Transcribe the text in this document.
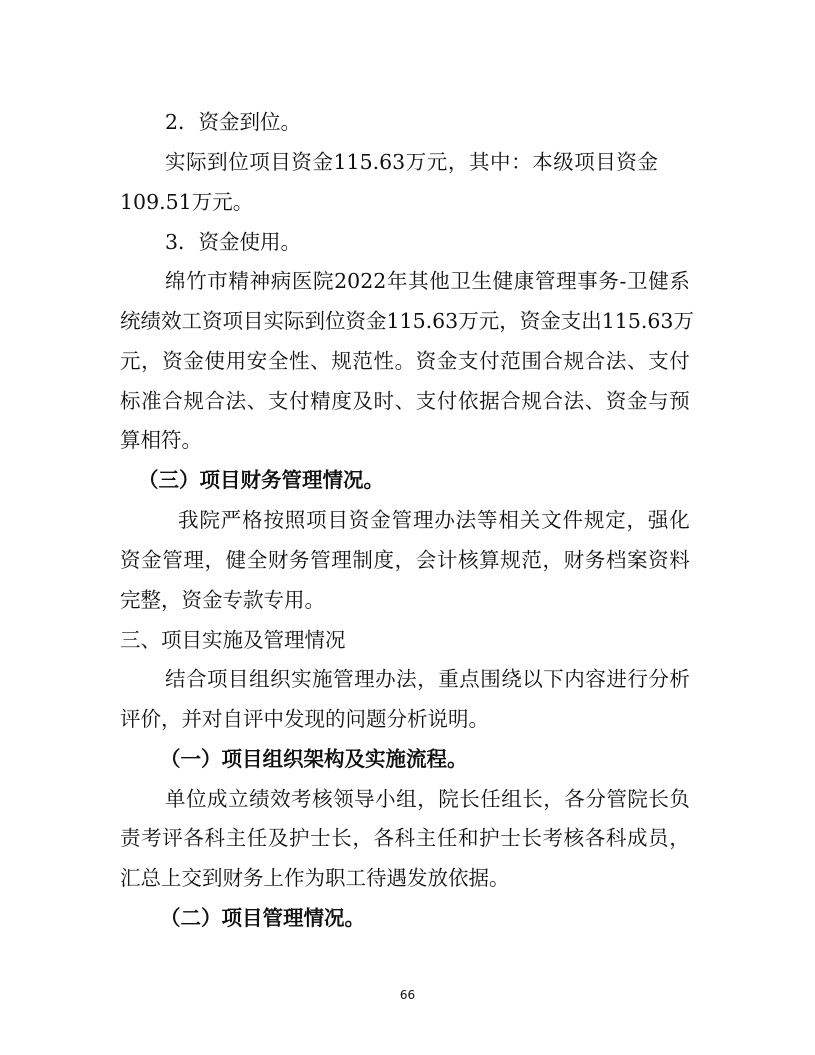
2．资金到位。
实 际 到 位 项 目 资 金 115.63 万 元 ， 其 中 ： 本 级 项 目 资 金
109.51万元。
3．资金使用。
绵 竹 市 精 神 病 医 院 2022 年 其 他 卫 生 健 康 管 理 事 务 - 卫 健 系
统 绩 效 工 资 项 目 实 际 到 位 资 金 115.63 万 元 ， 资 金 支 出 115.63 万
元 ， 资 金 使 用 安 全 性 、 规 范 性 。 资 金 支 付 范 围 合 规 合 法 、 支 付
标 准 合 规 合 法 、 支 付 精 度 及 时 、 支 付 依 据 合 规 合 法 、 资 金 与 预
算相符。
（三）项目财务管理情况。
我 院 严 格 按 照 项 目 资 金 管 理 办 法 等 相 关 文 件 规 定 ， 强 化
资 金 管 理 ， 健 全 财 务 管 理 制 度 ， 会 计 核 算 规 范 ， 财 务 档 案 资 料
完整，资金专款专用。
三、项目实施及管理情况
结 合 项 目 组 织 实 施 管 理 办 法 ， 重 点 围 绕 以 下 内 容 进 行 分 析
评价，并对自评中发现的问题分析说明。
（一）项目组织架构及实施流程。
单 位 成 立 绩 效 考 核 领 导 小 组 ， 院 长 任 组 长 ， 各 分 管 院 长 负
责 考 评 各 科 主 任 及 护 士 长 ， 各 科 主 任 和 护 士 长 考 核 各 科 成 员 ，
汇总上交到财务上作为职工待遇发放依据。
（二）项目管理情况。
66
